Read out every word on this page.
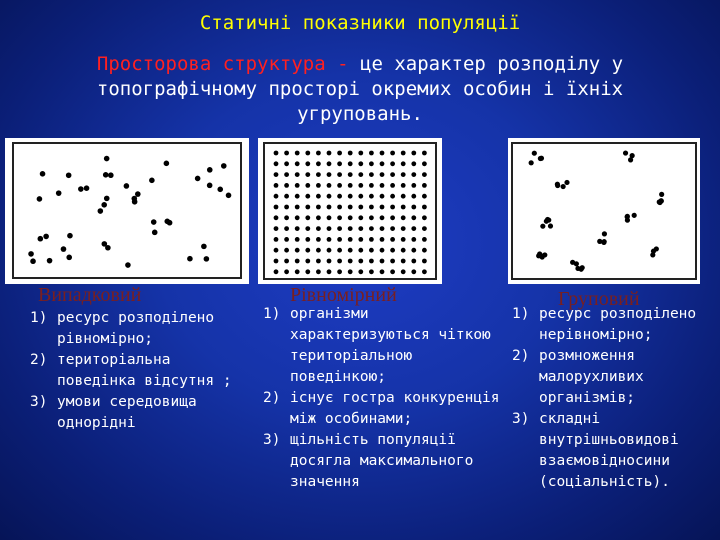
Статичні показники популяції
Просторова структура - це характер розподілу у топографічному просторі окремих особин і їхніх угруповань.
Випадковий	Рівномірний	Груповий
1) ресурс розподілено рівномірно;
2) територіальна поведінка відсутня ;
3) умови середовища однорідні
1) організми характеризуються чіткою територіальною поведінкою;
2) існує гостра конкуренція між особинами;
3) щільність популяції досягла максимального значення
1) ресурс розподілено нерівномірно;
2) розмноження малорухливих організмів;
3) складні внутрішньовидові взаємовідносини (соціальність).
